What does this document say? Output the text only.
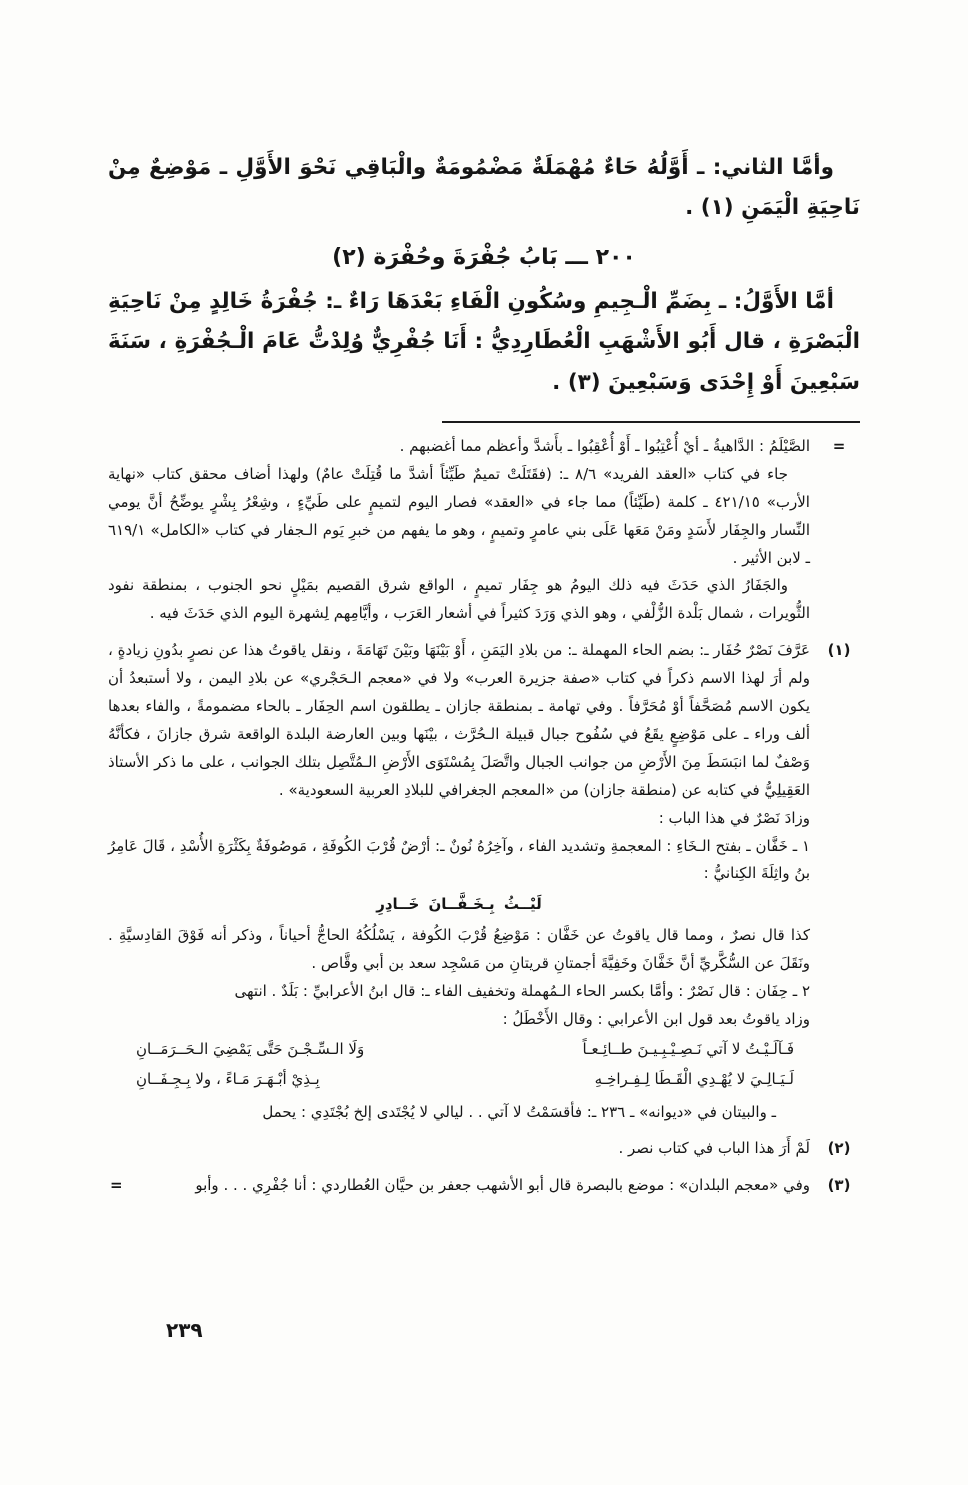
وأمَّا الثاني: ـ أَوَّلُهُ حَاءٌ مُهْمَلَةٌ مَضْمُومَةٌ والْبَاقِي نَحْوَ الأَوَّلِ ـ مَوْضِعٌ مِنْ نَاحِيَةِ الْيَمَنِ (١) .

٢٠٠ ـــ بَابُ جُفْرَةَ وحُفْرَة (٢)

أمَّا الأَوَّلُ: ـ بِضَمِّ الْـجِيمِ وسُكُونِ الْفَاءِ بَعْدَهَا رَاءٌ ـ: جُفْرَةُ خَالِدٍ مِنْ نَاحِيَةِ الْبَصْرَةِ ، قال أَبُو الأَشْهَبِ الْعُطَارِدِيُّ : أَنَا جُفْرِيٌّ وُلِدْتُّ عَامَ الْـجُفْرَةِ ، سَنَةَ سَبْعِينَ أَوْ إِحْدَى وَسَبْعِينَ (٣) .

=

الصَّيْلَمُ : الدَّاهيةُ ـ أيْ أُعْتِبُوا ـ أَوْ أُعْقِبُوا ـ بأَشدَّ وأعظم مما أغضبهم .

جاء في كتاب «العقد الفريد» ٨/٦ ـ: (فقَتَلَتْ تميمٌ طَيِّئاً أشدَّ ما قُتِلَتْ عامٌ) ولهذا أضاف محقق كتاب «نهاية الأرب» ٤٢١/١٥ ـ كلمة (طَيِّئاً) مما جاء في «العقد» فصار اليوم لتميمٍ على طَيِّءٍ ، وشِعْرُ بِشْرٍ يوضِّحُ أنَّ يومي النِّسار والجِفَار لأَسَدٍ ومَنْ مَعَها عَلَى بني عامرٍ وتميمٍ ، وهو ما يفهم من خبرِ يَوم الـجفار في كتاب «الكامل» ٦١٩/١ ـ لابن الأثير .

والجَفَارُ الذي حَدَثَ فيه ذلك اليومُ هو جِفَار تميمٍ ، الواقع شرق القصيم بمَيْلٍ نحو الجنوب ، بمنطقة نفود الثُّويرات ، شمال بَلْدة الزُّلْفي ، وهو الذي وَرَدَ كثيراً في أشعار العَرَب ، وأيَّامِهم لِشهرة اليوم الذي حَدَثَ فيه .

(١)

عَرَّفَ نَصْرٌ حُفَار ـ: بضم الحاء المهملة ـ: من بلادِ اليَمَنِ ، أَوْ بَيْنَهَا وبَيْنَ تَهَامَةَ ، ونقل ياقوتُ هذا عن نصرٍ بدُونِ زيادةٍ ، ولم أرَ لهذا الاسم ذكراً في كتاب «صفة جزيرة العرب» ولا في «معجم الـحَجْري» عن بلادِ اليمن ، ولا أستبعدُ أن يكون الاسم مُصَحَّفاً أوْ مُحَرَّفاً . وفي تهامة ـ بمنطقة جازان ـ يطلقون اسم الحِفَار ـ بالحاء مضمومةً ، والفاء بعدها ألف وراء ـ على مَوْضِعٍ يقَعُ في سُفُوح جبال قبيلة الـحُرَّث ، بيْنَها وبين العارضة البلدة الواقعة شرق جازانَ ، فكأنَّهُ وَصْفٌ لما انبَسَطَ مِنَ الأَرْضِ من جوانب الجبال واتَّصَلَ بِمُسْتَوَى الأَرْضِ الـمُتَّصِل بتلك الجوانب ، على ما ذكر الأستاذ العَقِيلِيُّ في كتابه عن (منطقة جازان) من «المعجم الجغرافي للبلادِ العربية السعودية» .

وزادَ نَصْرٌ في هذا الباب :

١ ـ خَفَّان ـ بفتح الـخَاءِ : المعجمةِ وتشديد الفاء ، وآخِرُهُ نُونٌ ـ: أرْضٌ قُرْبَ الكُوفَةِ ، مَوصُوفَةٌ بِكَثْرَةِ الأُسْدِ ، قَالَ عَامِرُ بنُ واثِلَةَ الكِنانيُّ :

لَيْــثُ بِـخَـفَّــانَ خَــادِرِ

كذا قال نصرٌ ، ومما قال ياقوتُ عن خَفَّان : مَوْضِعُ قُرْبَ الكُوفة ، يَسْلُكُهُ الحاجُّ أحياناً ، وذكر أنه فَوْقَ القادِسيَّةِ . ونَقَلَ عن السُّكَّريِّ أنَّ خَفَّانَ وخَفِيَّةَ أجمتانِ قريتانِ من مَسْجِد سعد بن أبي وقَّاص .

٢ ـ حِفَان : قال نَصْرٌ : وأمَّا بكسر الحاء الـمُهملة وتخفيف الفاء ـ: قال ابنُ الأعرابيِّ : بَلَدٌ . انتهى

وزاد ياقوتُ بعد قول ابن الأعرابي : وقال الأَخْطَلُ :

فَـآلَـيْـتُ لا آتي نَـصِـيْـبِـيـنَ طــائِـعـاً
وَلَا الـسِّـجْـنَ حَتَّى يَمْضِيَ الـحَــرَمَــانِ
لَـيَـالِـيَ لا يُهْـدِي الْقَـطَا لِـفِـراخِـهِ
بِـذِيْ أبْـهَـرَ مَـاءً ، ولا بِـجِـفَــانِ

ـ والبيتان في «ديوانه» ـ ٢٣٦ ـ: فأقسَمْتُ لا آتي . . ليالي لا يُجْتَدى إلخ بُجْتَدِي : يحمل

(٢)

لَمْ أَرَ هذا الباب في كتاب نصر .

(٣)

وفي «معجم البلدان» : موضع بالبصرة قال أبو الأشهب جعفر بن حيَّان العُطاردي : أنا جُفْرِي . . . وأبو
=

٢٣٩
